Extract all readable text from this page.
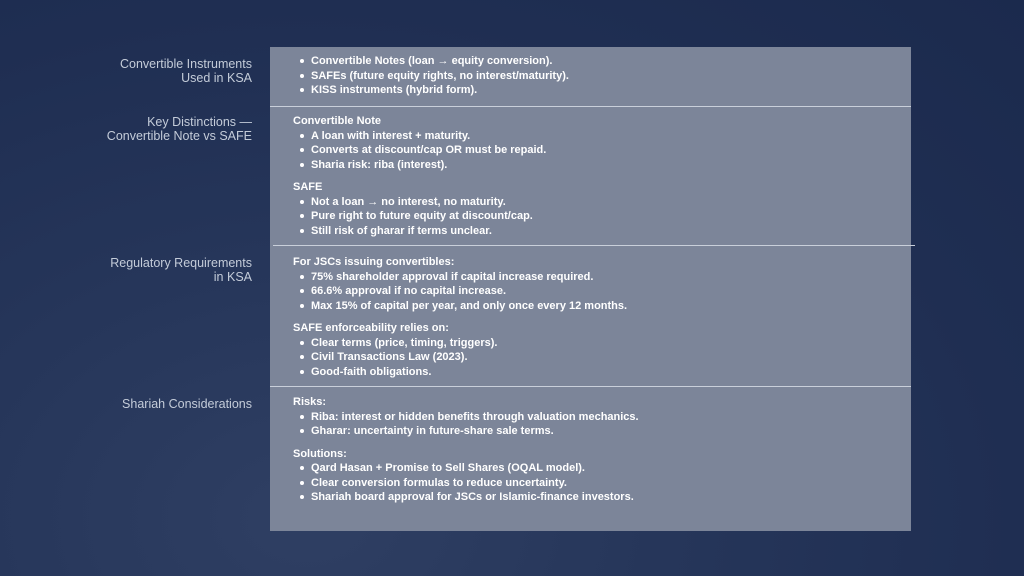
Convertible Instruments
Used in KSA
Key Distinctions —
Convertible Note vs SAFE
Regulatory Requirements
in KSA
Shariah Considerations
Convertible Notes (loan → equity conversion).
SAFEs (future equity rights, no interest/maturity).
KISS instruments (hybrid form).
Convertible Note
A loan with interest + maturity.
Converts at discount/cap OR must be repaid.
Sharia risk: riba (interest).
SAFE
Not a loan → no interest, no maturity.
Pure right to future equity at discount/cap.
Still risk of gharar if terms unclear.
For JSCs issuing convertibles:
75% shareholder approval if capital increase required.
66.6% approval if no capital increase.
Max 15% of capital per year, and only once every 12 months.
SAFE enforceability relies on:
Clear terms (price, timing, triggers).
Civil Transactions Law (2023).
Good-faith obligations.
Risks:
Riba: interest or hidden benefits through valuation mechanics.
Gharar: uncertainty in future-share sale terms.
Solutions:
Qard Hasan + Promise to Sell Shares (OQAL model).
Clear conversion formulas to reduce uncertainty.
Shariah board approval for JSCs or Islamic-finance investors.
